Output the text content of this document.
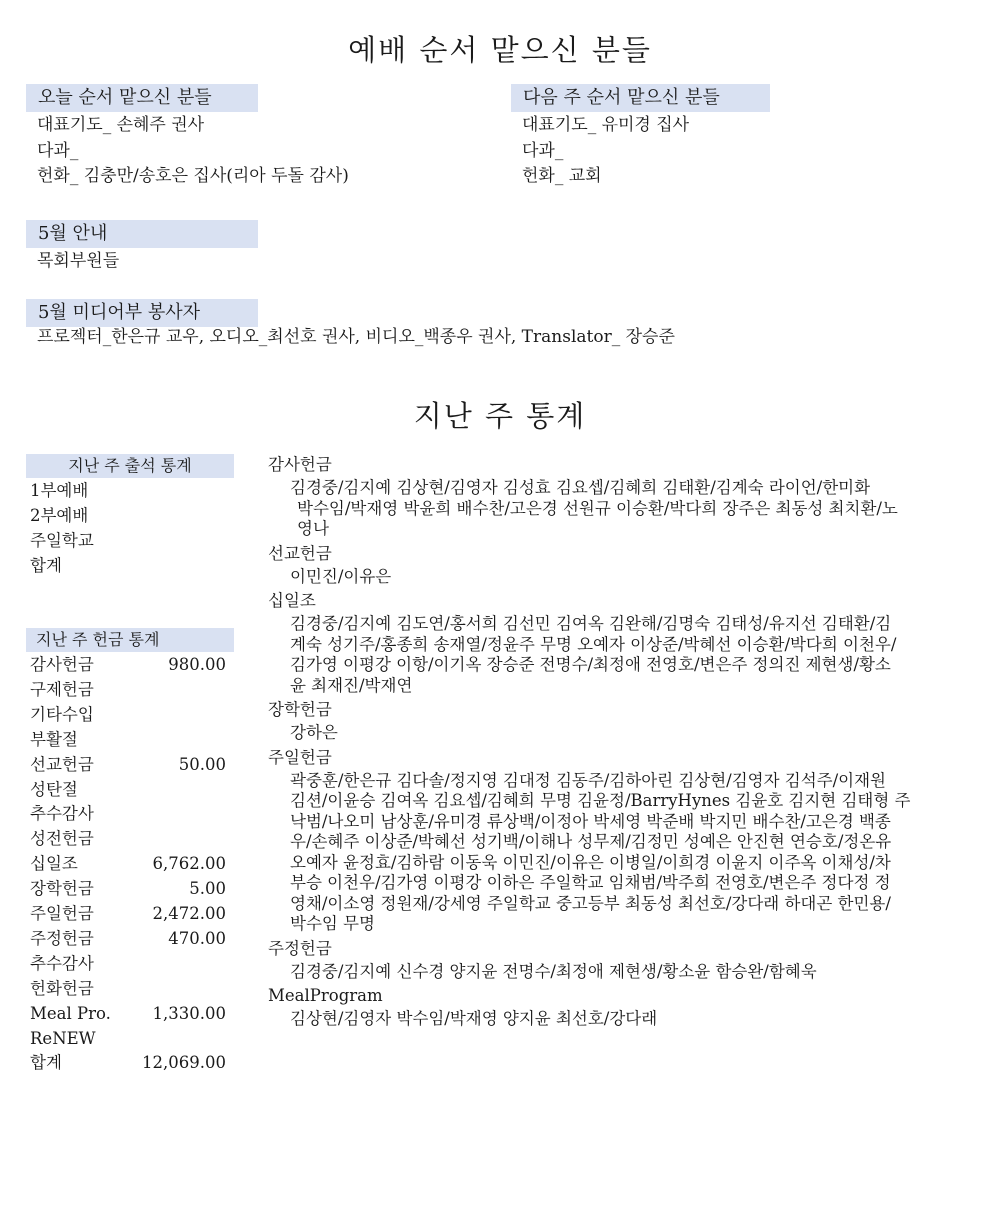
예배 순서 맡으신 분들
오늘 순서 맡으신 분들

대표기도_ 손혜주 권사

다과_

헌화_ 김충만/송호은 집사(리아 두돌 감사)

다음 주 순서 맡으신 분들

대표기도_ 유미경 집사

다과_

헌화_ 교회

5월 안내

목회부원들

5월 미디어부 봉사자

프로젝터_한은규 교우, 오디오_최선호 권사, 비디오_백종우 권사, Translator_ 장승준

지난 주 통계
지난 주 출석 통계
1부예배
2부예배
주일학교
합계
지난 주 헌금 통계
감사헌금	980.00
구제헌금
기타수입
부활절
선교헌금	50.00
성탄절
추수감사
성전헌금
십일조	6,762.00
장학헌금	5.00
주일헌금	2,472.00
주정헌금	470.00
추수감사
헌화헌금
Meal Pro.	1,330.00
ReNEW
합계	12,069.00
감사헌금
김경중/김지예 김상현/김영자 김성효 김요셉/김혜희 김태환/김계숙 라이언/한미화
박수임/박재영 박윤희 배수찬/고은경 선원규 이승환/박다희 장주은 최동성 최치환/노
영나
선교헌금
이민진/이유은
십일조
김경중/김지예 김도연/홍서희 김선민 김여옥 김완해/김명숙 김태성/유지선 김태환/김
계숙 성기주/홍종희 송재열/정윤주 무명 오예자 이상준/박혜선 이승환/박다희 이천우/
김가영 이평강 이항/이기옥 장승준 전명수/최정애 전영호/변은주 정의진 제현생/황소
윤 최재진/박재연
장학헌금
강하은
주일헌금
곽중훈/한은규 김다솔/정지영 김대정 김동주/김하아린 김상현/김영자 김석주/이재원
김션/이윤승 김여옥 김요셉/김혜희 무명 김윤정/BarryHynes 김윤호 김지현 김태형 주
낙범/나오미 남상훈/유미경 류상백/이정아 박세영 박준배 박지민 배수찬/고은경 백종
우/손혜주 이상준/박혜선 성기백/이해나 성무제/김정민 성예은 안진현 연승호/정온유
오예자 윤정효/김하람 이동욱 이민진/이유은 이병일/이희경 이윤지 이주옥 이채성/차
부승 이천우/김가영 이평강 이하은 주일학교 임채범/박주희 전영호/변은주 정다정 정
영채/이소영 정원재/강세영 주일학교 중고등부 최동성 최선호/강다래 하대곤 한민용/
박수임 무명
주정헌금
김경중/김지예 신수경 양지윤 전명수/최정애 제현생/황소윤 함승완/함혜욱
MealProgram
김상현/김영자 박수임/박재영 양지윤 최선호/강다래
